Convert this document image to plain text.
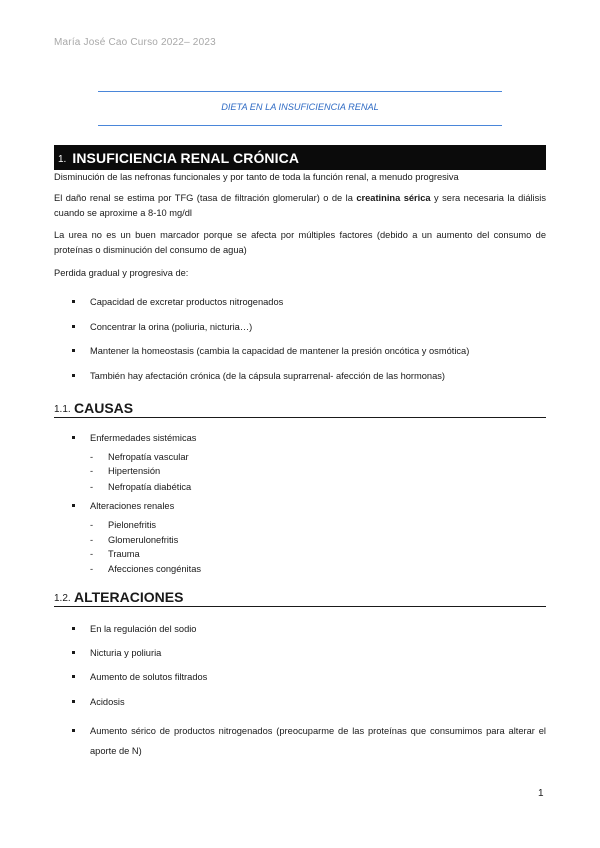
María José Cao Curso 2022– 2023
DIETA EN LA INSUFICIENCIA RENAL
1. INSUFICIENCIA RENAL CRÓNICA
Disminución de las nefronas funcionales y por tanto de toda la función renal, a menudo progresiva
El daño renal se estima por TFG (tasa de filtración glomerular) o de la creatinina sérica y sera necesaria la diálisis cuando se aproxime a 8-10 mg/dl
La urea no es un buen marcador porque se afecta por múltiples factores (debido a un aumento del consumo de proteínas o disminución del consumo de agua)
Perdida gradual y progresiva de:
Capacidad de excretar productos nitrogenados
Concentrar la orina (poliuria, nicturia…)
Mantener la homeostasis (cambia la capacidad de mantener la presión oncótica y osmótica)
También hay afectación crónica (de la cápsula suprarrenal- afección de las hormonas)
1.1. CAUSAS
Enfermedades sistémicas
- Nefropatía vascular
- Hipertensión
- Nefropatía diabética
Alteraciones renales
- Pielonefritis
- Glomerulonefritis
- Trauma
- Afecciones congénitas
1.2. ALTERACIONES
En la regulación del sodio
Nicturia y poliuria
Aumento de solutos filtrados
Acidosis
Aumento sérico de productos nitrogenados (preocuparme de las proteínas que consumimos para alterar el aporte de N)
1
